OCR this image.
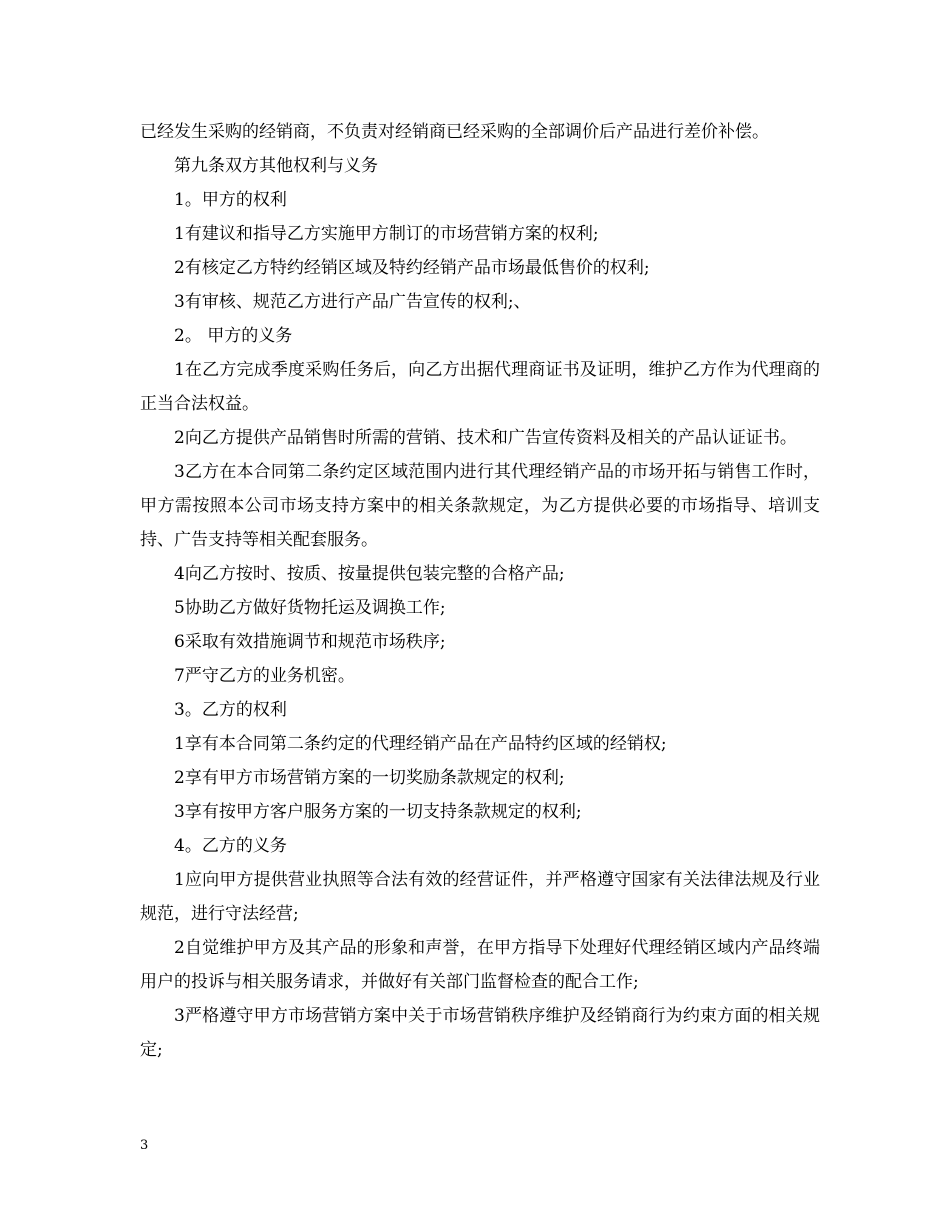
已经发生采购的经销商，不负责对经销商已经采购的全部调价后产品进行差价补偿。

第九条双方其他权利与义务

1。甲方的权利

1有建议和指导乙方实施甲方制订的市场营销方案的权利;

2有核定乙方特约经销区域及特约经销产品市场最低售价的权利;

3有审核、规范乙方进行产品广告宣传的权利;、

2。 甲方的义务

1在乙方完成季度采购任务后，向乙方出据代理商证书及证明，维护乙方作为代理商的正当合法权益。

2向乙方提供产品销售时所需的营销、技术和广告宣传资料及相关的产品认证证书。

3乙方在本合同第二条约定区域范围内进行其代理经销产品的市场开拓与销售工作时， 甲方需按照本公司市场支持方案中的相关条款规定，为乙方提供必要的市场指导、培训支持、广告支持等相关配套服务。

4向乙方按时、按质、按量提供包装完整的合格产品;

5协助乙方做好货物托运及调换工作;

6采取有效措施调节和规范市场秩序;

7严守乙方的业务机密。

3。乙方的权利

1享有本合同第二条约定的代理经销产品在产品特约区域的经销权;

2享有甲方市场营销方案的一切奖励条款规定的权利;

3享有按甲方客户服务方案的一切支持条款规定的权利;

4。乙方的义务

1应向甲方提供营业执照等合法有效的经营证件，并严格遵守国家有关法律法规及行业规范，进行守法经营;

2自觉维护甲方及其产品的形象和声誉，在甲方指导下处理好代理经销区域内产品终端用户的投诉与相关服务请求，并做好有关部门监督检查的配合工作;

3严格遵守甲方市场营销方案中关于市场营销秩序维护及经销商行为约束方面的相关规定;

3
